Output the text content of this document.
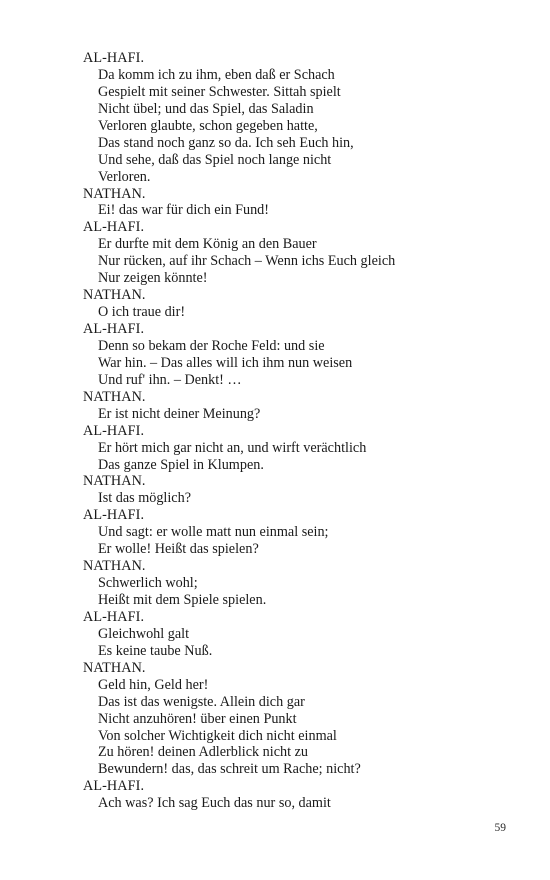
AL-HAFI.
Da komm ich zu ihm, eben daß er Schach
Gespielt mit seiner Schwester. Sittah spielt
Nicht übel; und das Spiel, das Saladin
Verloren glaubte, schon gegeben hatte,
Das stand noch ganz so da. Ich seh Euch hin,
Und sehe, daß das Spiel noch lange nicht
Verloren.
NATHAN.
Ei! das war für dich ein Fund!
AL-HAFI.
Er durfte mit dem König an den Bauer
Nur rücken, auf ihr Schach – Wenn ichs Euch gleich
Nur zeigen könnte!
NATHAN.
O ich traue dir!
AL-HAFI.
Denn so bekam der Roche Feld: und sie
War hin. – Das alles will ich ihm nun weisen
Und ruf' ihn. – Denkt! …
NATHAN.
Er ist nicht deiner Meinung?
AL-HAFI.
Er hört mich gar nicht an, und wirft verächtlich
Das ganze Spiel in Klumpen.
NATHAN.
Ist das möglich?
AL-HAFI.
Und sagt: er wolle matt nun einmal sein;
Er wolle! Heißt das spielen?
NATHAN.
Schwerlich wohl;
Heißt mit dem Spiele spielen.
AL-HAFI.
Gleichwohl galt
Es keine taube Nuß.
NATHAN.
Geld hin, Geld her!
Das ist das wenigste. Allein dich gar
Nicht anzuhören! über einen Punkt
Von solcher Wichtigkeit dich nicht einmal
Zu hören! deinen Adlerblick nicht zu
Bewundern! das, das schreit um Rache; nicht?
AL-HAFI.
Ach was? Ich sag Euch das nur so, damit
59
